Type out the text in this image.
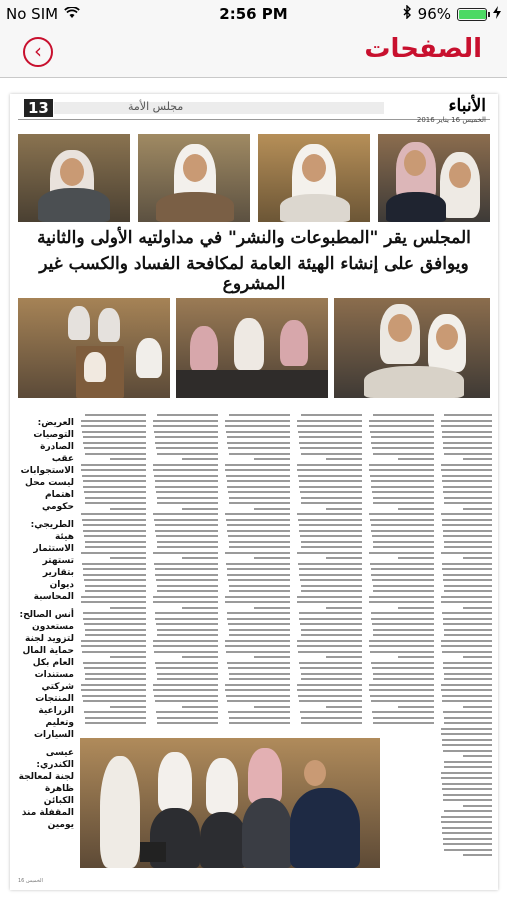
No SIM	2:56 PM	96%
‹	الصفحات
13	مجلس الأمة	الأنباء
الخميس 16 يناير 2016
المجلس يقر "المطبوعات والنشر" في مداولتيه الأولى والثانية
ويوافق على إنشاء الهيئة العامة لمكافحة الفساد والكسب غير المشروع
العريض: التوصيات الصادرة عقب الاستجوابات ليست محل اهتمام حكومي
الطريجي: هيئة الاستثمار تستهتر بتقارير ديوان المحاسبة
أنس الصالح: مستعدون لتزويد لجنة حماية المال العام بكل مستندات شركتي المنتجات الزراعية وتعليم السيارات
عيسى الكندري: لجنة لمعالجة ظاهرة الكبائن المقفلة منذ يومين
الخميس 16
